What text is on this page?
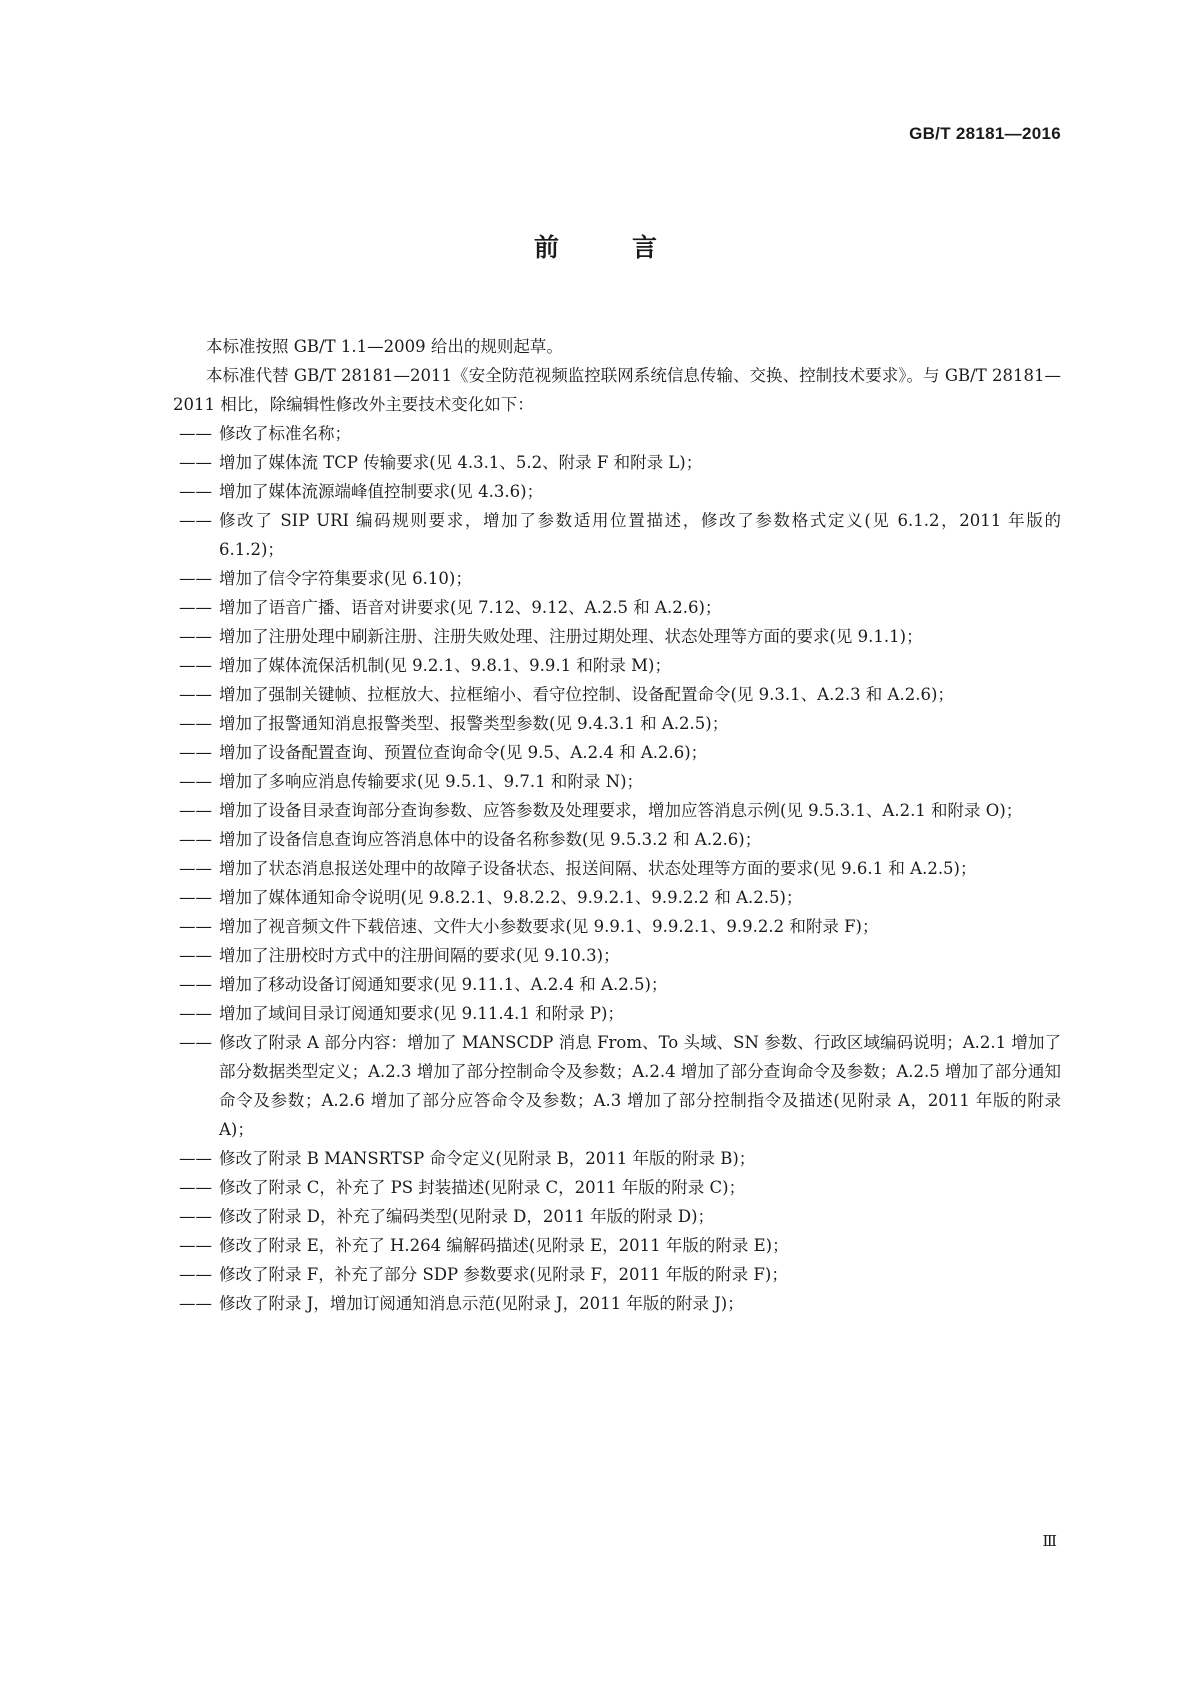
GB/T 28181—2016
前　言

本标准按照 GB/T 1.1—2009 给出的规则起草。

本标准代替 GB/T 28181—2011《安全防范视频监控联网系统信息传输、交换、控制技术要求》。与 GB/T 28181—2011 相比，除编辑性修改外主要技术变化如下：

—— 修改了标准名称；

—— 增加了媒体流 TCP 传输要求(见 4.3.1、5.2、附录 F 和附录 L)；

—— 增加了媒体流源端峰值控制要求(见 4.3.6)；

—— 修改了 SIP URI 编码规则要求，增加了参数适用位置描述，修改了参数格式定义(见 6.1.2，2011 年版的 6.1.2)；

—— 增加了信令字符集要求(见 6.10)；

—— 增加了语音广播、语音对讲要求(见 7.12、9.12、A.2.5 和 A.2.6)；

—— 增加了注册处理中刷新注册、注册失败处理、注册过期处理、状态处理等方面的要求(见 9.1.1)；

—— 增加了媒体流保活机制(见 9.2.1、9.8.1、9.9.1 和附录 M)；

—— 增加了强制关键帧、拉框放大、拉框缩小、看守位控制、设备配置命令(见 9.3.1、A.2.3 和 A.2.6)；

—— 增加了报警通知消息报警类型、报警类型参数(见 9.4.3.1 和 A.2.5)；

—— 增加了设备配置查询、预置位查询命令(见 9.5、A.2.4 和 A.2.6)；

—— 增加了多响应消息传输要求(见 9.5.1、9.7.1 和附录 N)；

—— 增加了设备目录查询部分查询参数、应答参数及处理要求，增加应答消息示例(见 9.5.3.1、A.2.1 和附录 O)；

—— 增加了设备信息查询应答消息体中的设备名称参数(见 9.5.3.2 和 A.2.6)；

—— 增加了状态消息报送处理中的故障子设备状态、报送间隔、状态处理等方面的要求(见 9.6.1 和 A.2.5)；

—— 增加了媒体通知命令说明(见 9.8.2.1、9.8.2.2、9.9.2.1、9.9.2.2 和 A.2.5)；

—— 增加了视音频文件下载倍速、文件大小参数要求(见 9.9.1、9.9.2.1、9.9.2.2 和附录 F)；

—— 增加了注册校时方式中的注册间隔的要求(见 9.10.3)；

—— 增加了移动设备订阅通知要求(见 9.11.1、A.2.4 和 A.2.5)；

—— 增加了域间目录订阅通知要求(见 9.11.4.1 和附录 P)；

—— 修改了附录 A 部分内容：增加了 MANSCDP 消息 From、To 头域、SN 参数、行政区域编码说明；A.2.1 增加了部分数据类型定义；A.2.3 增加了部分控制命令及参数；A.2.4 增加了部分查询命令及参数；A.2.5 增加了部分通知命令及参数；A.2.6 增加了部分应答命令及参数；A.3 增加了部分控制指令及描述(见附录 A，2011 年版的附录 A)；

—— 修改了附录 B MANSRTSP 命令定义(见附录 B，2011 年版的附录 B)；

—— 修改了附录 C，补充了 PS 封装描述(见附录 C，2011 年版的附录 C)；

—— 修改了附录 D，补充了编码类型(见附录 D，2011 年版的附录 D)；

—— 修改了附录 E，补充了 H.264 编解码描述(见附录 E，2011 年版的附录 E)；

—— 修改了附录 F，补充了部分 SDP 参数要求(见附录 F，2011 年版的附录 F)；

—— 修改了附录 J，增加订阅通知消息示范(见附录 J，2011 年版的附录 J)；

Ⅲ
